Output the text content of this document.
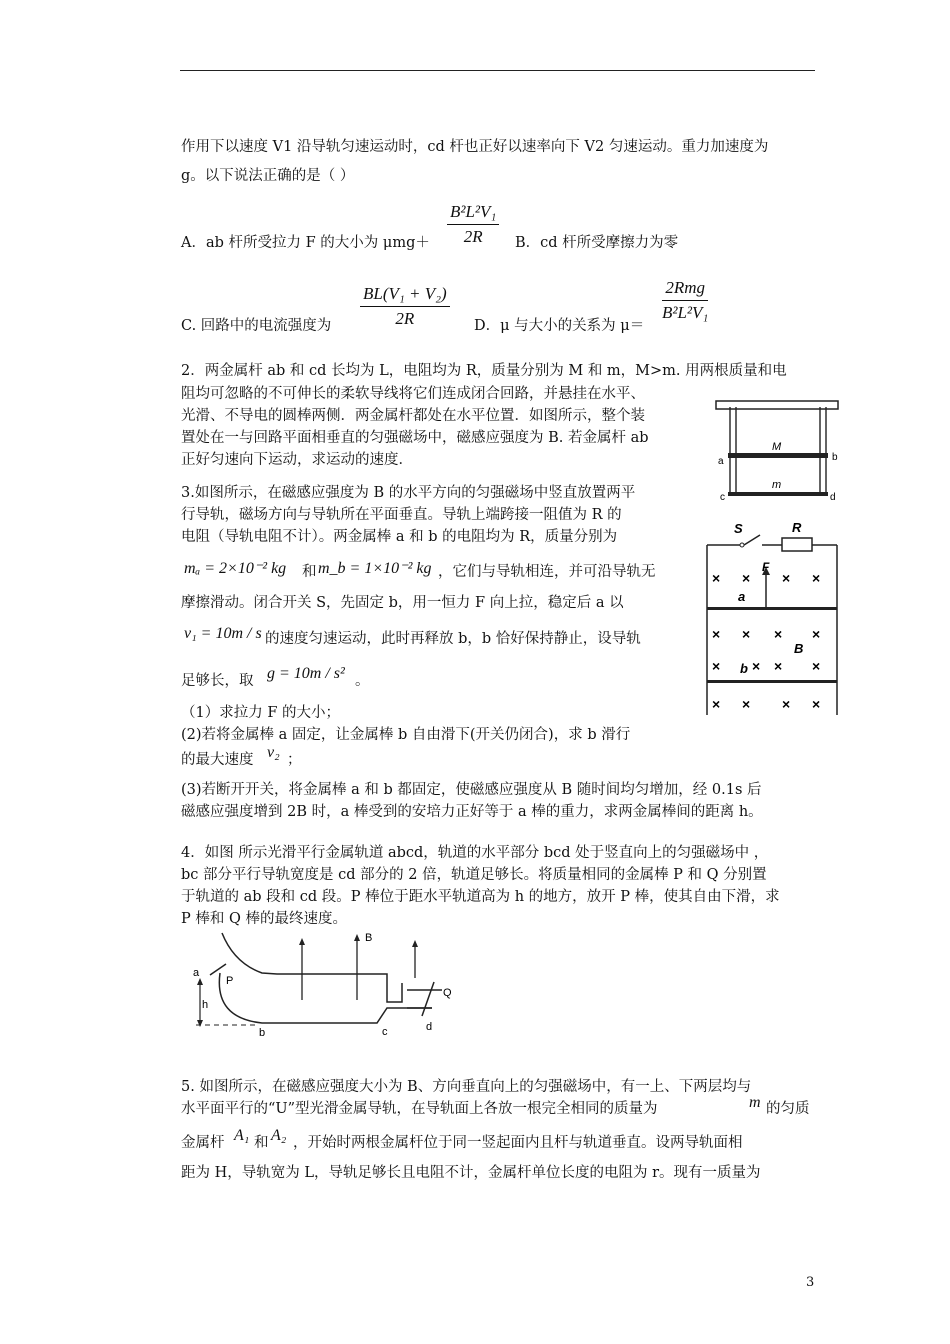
作用下以速度 V1 沿导轨匀速运动时，cd 杆也正好以速率向下 V2 匀速运动。重力加速度为
g。以下说法正确的是（ ）
A．ab 杆所受拉力 F 的大小为 $\mu mg+ \frac{\text{B²L²V₁}}{2R}$ B．cd 杆所受摩擦力为零
C. 回路中的电流强度为 $\frac{\text{BL(V₁ + V₂)}}{2R}$ D．μ 与大小的关系为 μ＝
2Rmg
B²L²V₁
2．两金属杆 ab 和 cd 长均为 L，电阻均为 R，质量分别为 M 和 m，M>m. 用两根质量和电
阻均可忽略的不可伸长的柔软导线将它们连成闭合回路，并悬挂在水平、
光滑、不导电的圆棒两侧．两金属杆都处在水平位置．如图所示，整个装
置处在一与回路平面相垂直的匀强磁场中，磁感应强度为 B. 若金属杆 ab
正好匀速向下运动，求运动的速度．
M
m
a	b
c	d
3.如图所示，在磁感应强度为 B 的水平方向的匀强磁场中竖直放置两平
行导轨，磁场方向与导轨所在平面垂直。导轨上端跨接一阻值为 R 的
电阻（导轨电阻不计）。两金属棒 a 和 b 的电阻均为 R，质量分别为
mₐ = 2×10⁻² kg 和 m_b = 1×10⁻² kg ，它们与导轨相连，并可沿导轨无
摩擦滑动。闭合开关 S，先固定 b，用一恒力 F 向上拉，稳定后 a 以
v₁ = 10m / s 的速度匀速运动，此时再释放 b，b 恰好保持静止，设导轨
足够长，取 g = 10m / s² 。
（1）求拉力 F 的大小；
(2)若将金属棒 a 固定，让金属棒 b 自由滑下(开关仍闭合)，求 b 滑行
的最大速度 v₂ ；
(3)若断开开关，将金属棒 a 和 b 都固定，使磁感应强度从 B 随时间均匀增加，经 0.1s 后
磁感应强度增到 2B 时，a 棒受到的安培力正好等于 a 棒的重力，求两金属棒间的距离 h。
S	R
F
a
b
B
× × × ×
× × × ×
× × × ×
× × × ×
4．如图 所示光滑平行金属轨道 abcd，轨道的水平部分 bcd 处于竖直向上的匀强磁场中 ，
bc 部分平行导轨宽度是 cd 部分的 2 倍，轨道足够长。将质量相同的金属棒 P 和 Q 分别置
于轨道的 ab 段和 cd 段。P 棒位于距水平轨道高为 h 的地方，放开 P 棒，使其自由下滑，求
P 棒和 Q 棒的最终速度。
a
P
h
b
B
c	d
Q
5. 如图所示，在磁感应强度大小为 B、方向垂直向上的匀强磁场中，有一上、下两层均与
水平面平行的“U”型光滑金属导轨，在导轨面上各放一根完全相同的质量为	m 的匀质
金属杆 A₁ 和 A₂ ，开始时两根金属杆位于同一竖起面内且杆与轨道垂直。设两导轨面相
距为 H，导轨宽为 L，导轨足够长且电阻不计，金属杆单位长度的电阻为 r。现有一质量为
3
